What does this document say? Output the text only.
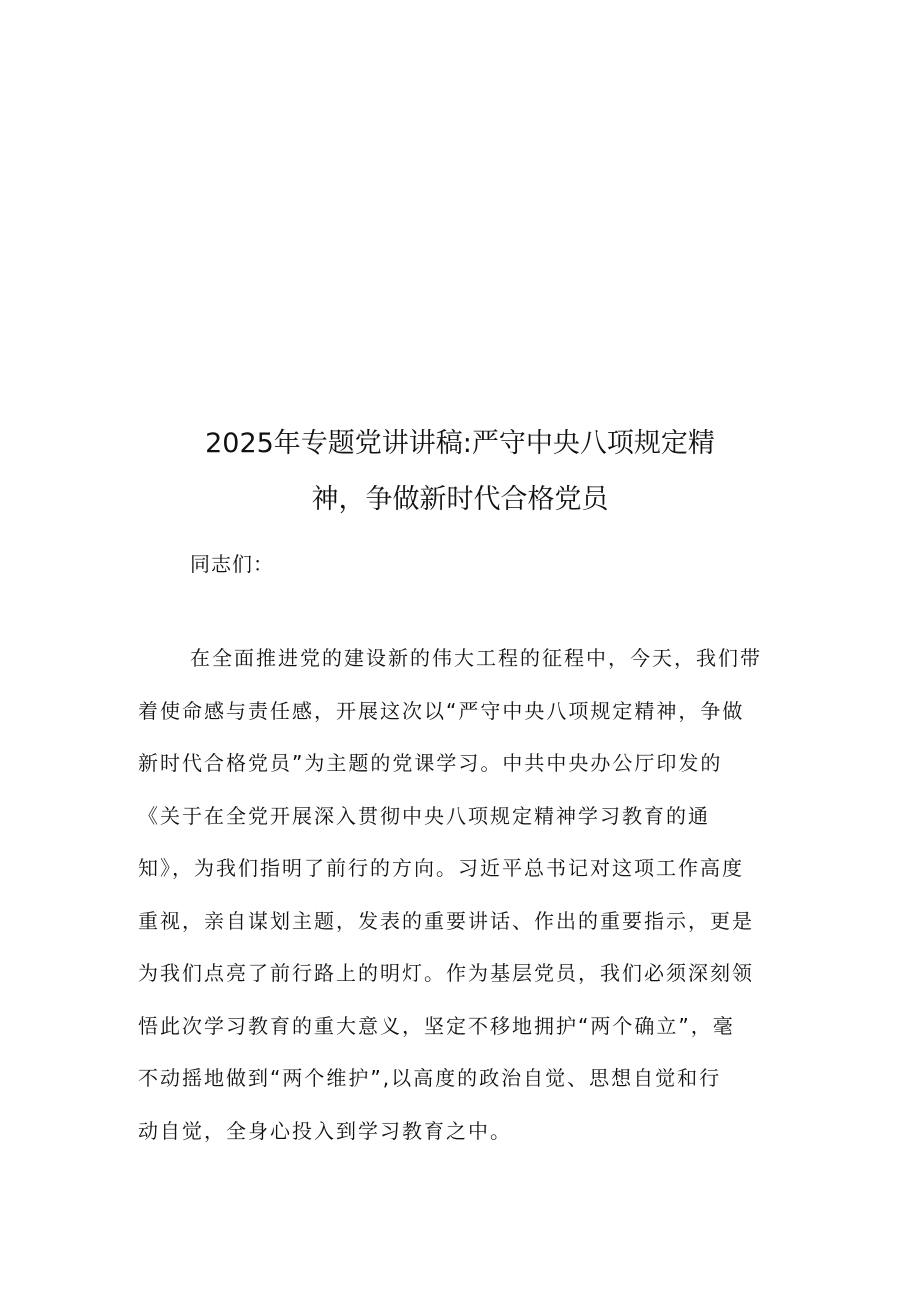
2025年专题党讲讲稿:严守中央八项规定精
神，争做新时代合格党员
同志们：
在全面推进党的建设新的伟大工程的征程中，今天，我们带
着使命感与责任感，开展这次以“严守中央八项规定精神，争做
新时代合格党员”为主题的党课学习。中共中央办公厅印发的
《关于在全党开展深入贯彻中央八项规定精神学习教育的通
知》，为我们指明了前行的方向。习近平总书记对这项工作高度
重视，亲自谋划主题，发表的重要讲话、作出的重要指示，更是
为我们点亮了前行路上的明灯。作为基层党员，我们必须深刻领
悟此次学习教育的重大意义，坚定不移地拥护“两个确立”，毫
不动摇地做到“两个维护”,以高度的政治自觉、思想自觉和行
动自觉，全身心投入到学习教育之中。
